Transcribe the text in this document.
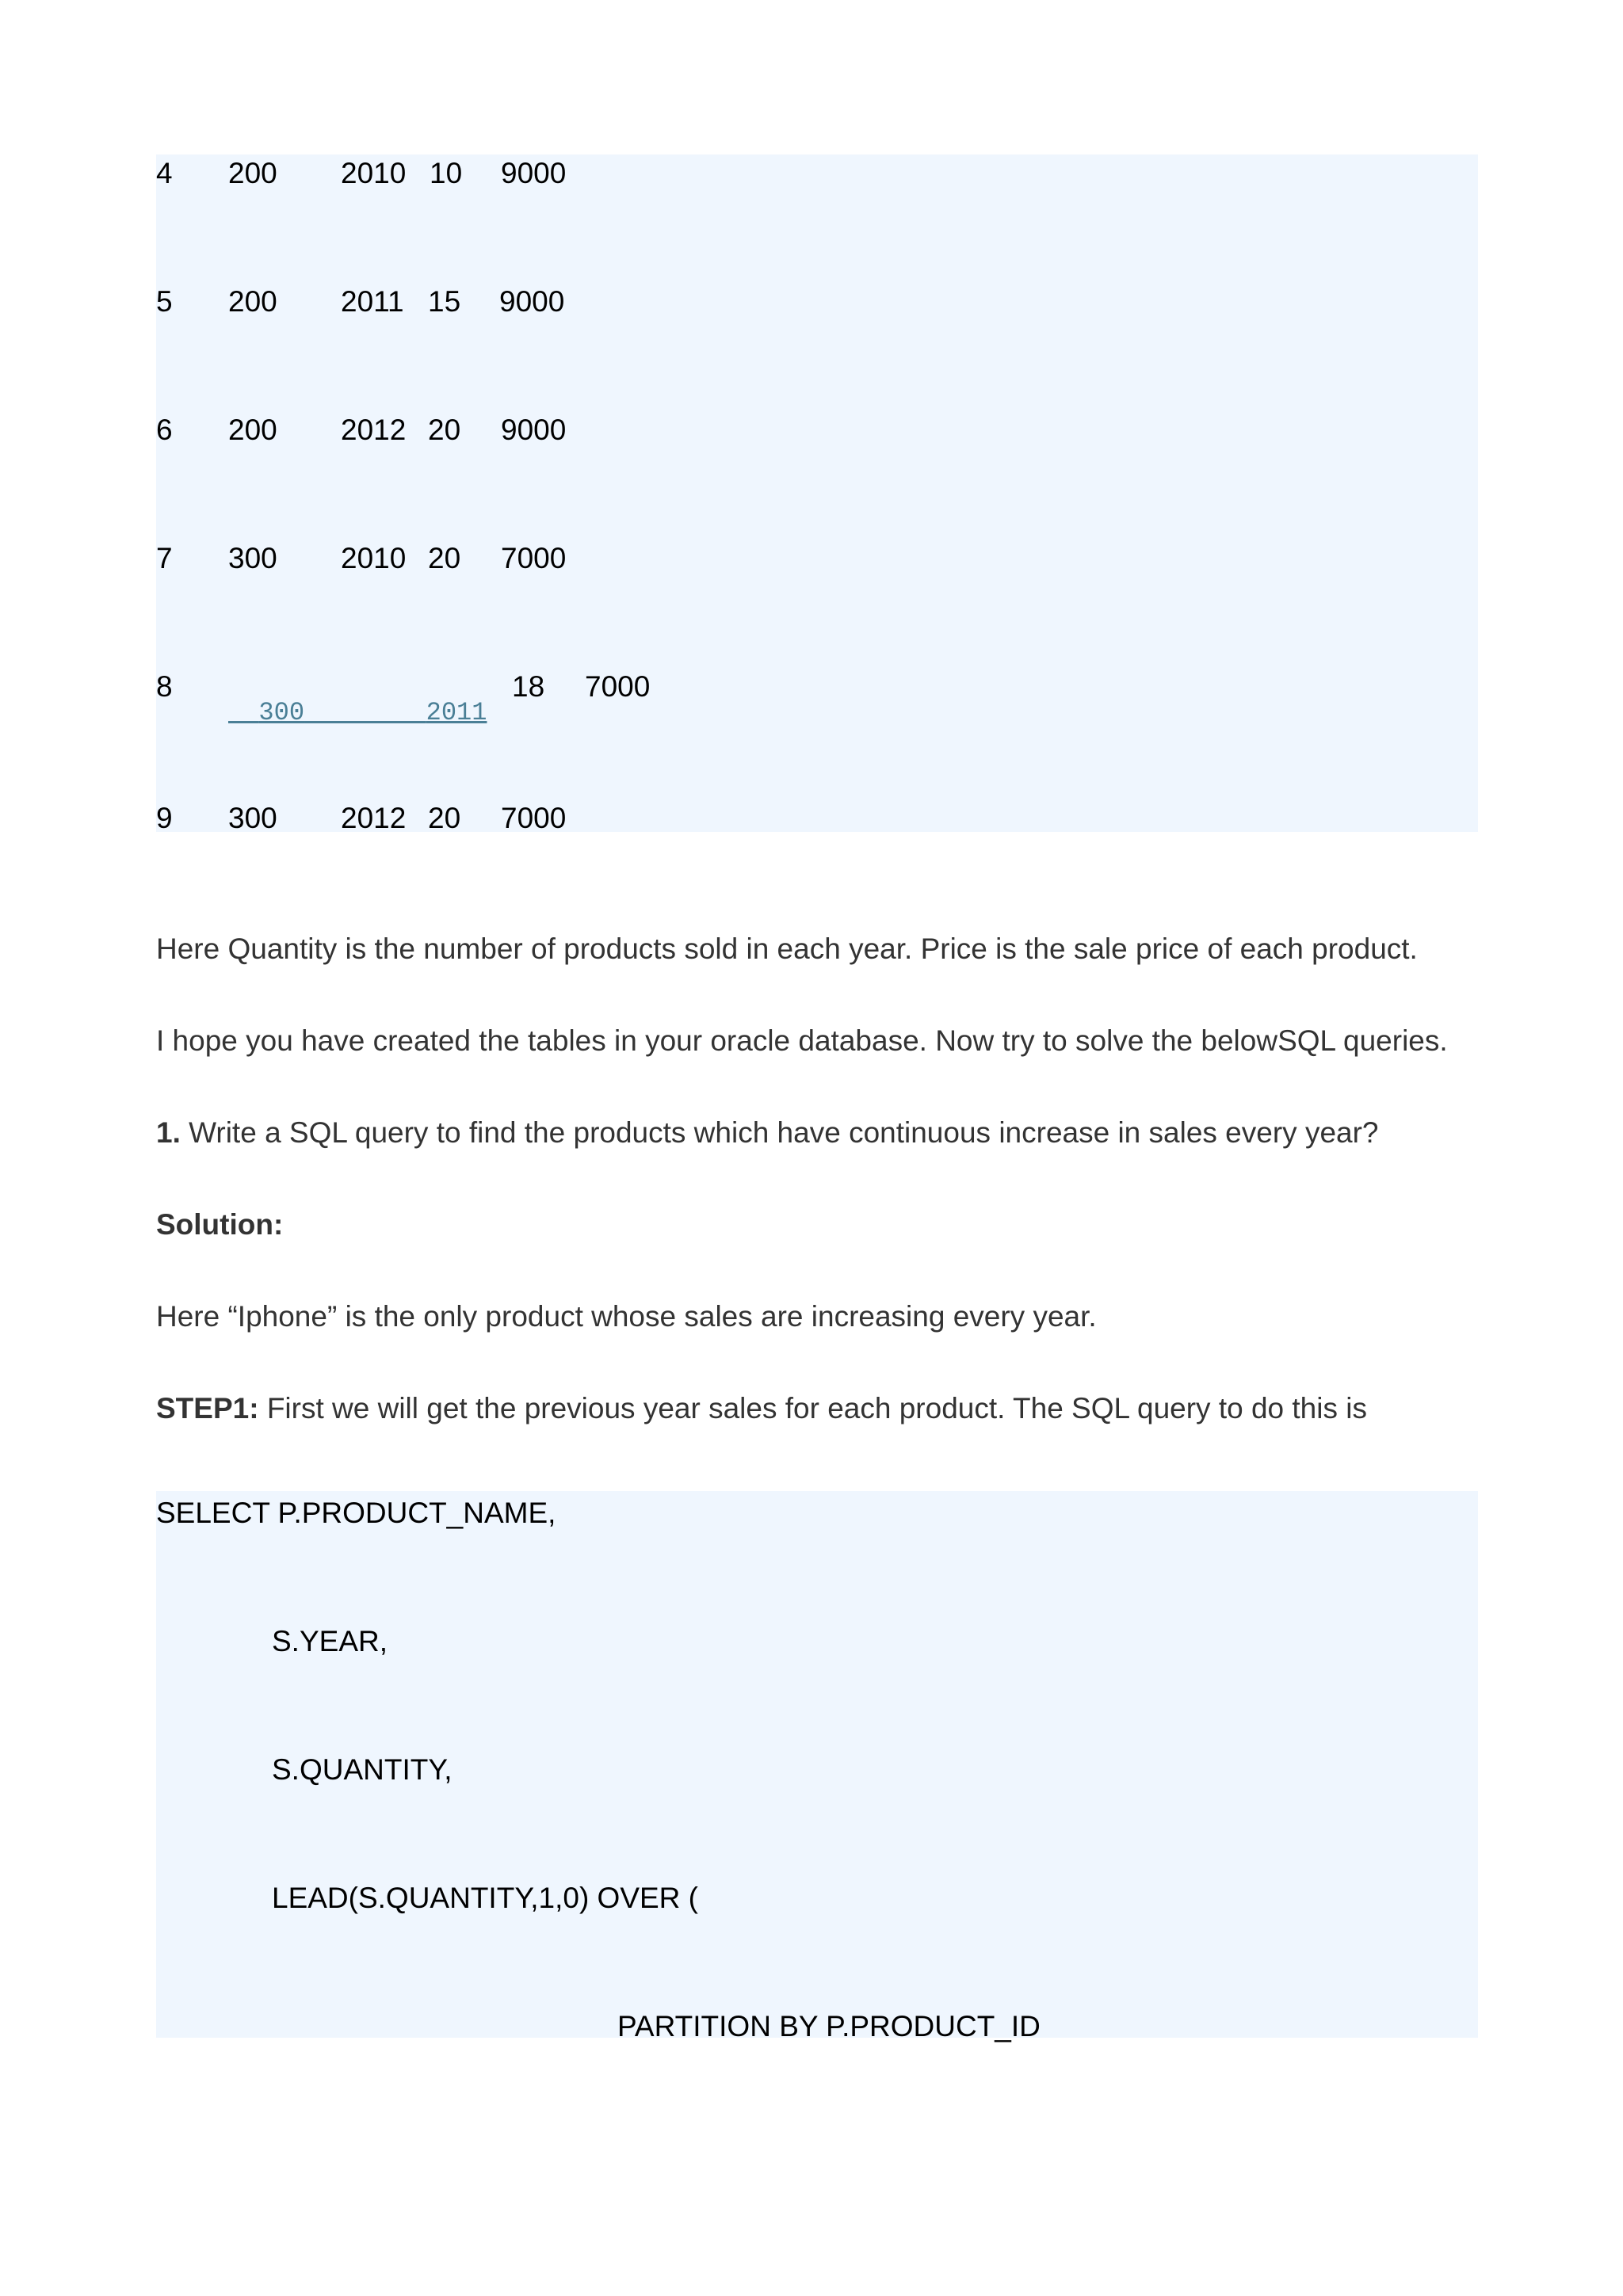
4 200 2010 10 9000
5 200 2011 15 9000
6 200 2012 20 9000
7 300 2010 20 7000
8

300	2011

18 7000
9 300 2012 20 7000

Here Quantity is the number of products sold in each year. Price is the sale price of each product.

I hope you have created the tables in your oracle database. Now try to solve the belowSQL queries.

1. Write a SQL query to find the products which have continuous increase in sales every year?

Solution:

Here “Iphone” is the only product whose sales are increasing every year.

STEP1: First we will get the previous year sales for each product. The SQL query to do this is

SELECT P.PRODUCT_NAME,
S.YEAR,
S.QUANTITY,
LEAD(S.QUANTITY,1,0) OVER (
PARTITION BY P.PRODUCT_ID
